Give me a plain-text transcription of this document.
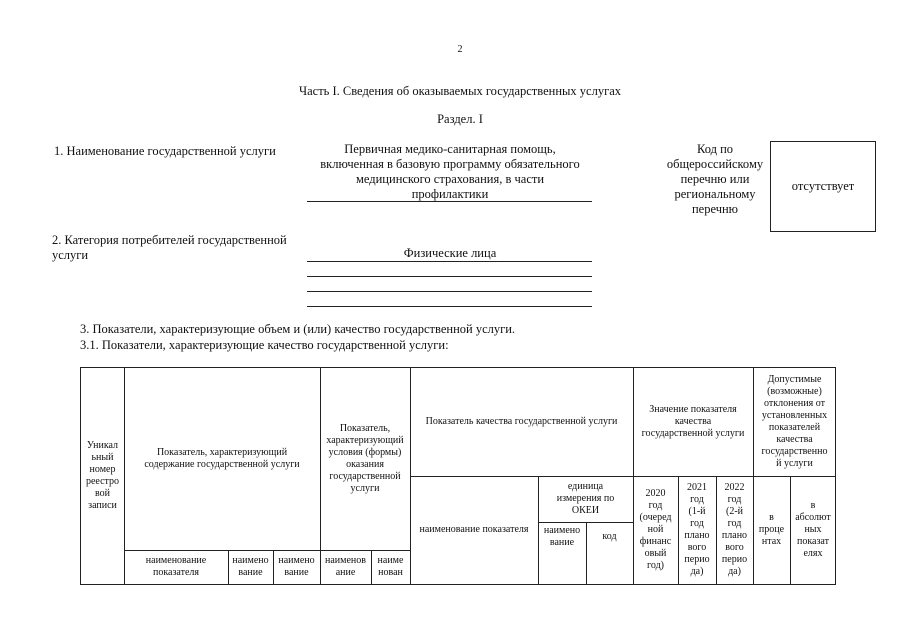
2
Часть I. Сведения об оказываемых государственных услугах
Раздел. I
1. Наименование государственной услуги	Первичная медико-санитарная помощь,
включенная в базовую программу обязательного
медицинского страхования, в части
профилактики
Код по
общероссийскому
перечню или
региональному
перечню
отсутствует
2. Категория потребителей государственной
услуги	Физические лица
3. Показатели, характеризующие объем и (или) качество государственной услуги.
3.1. Показатели, характеризующие качество государственной услуги:
Уникал
ьный
номер
реестро
вой
записи
Показатель, характеризующий
содержание государственной услуги
Показатель,
характеризующий
условия (формы)
оказания
государственной
услуги
Показатель качества государственной услуги
Значение показателя
качества
государственной услуги
Допустимые
(возможные)
отклонения от
установленных
показателей
качества
государственно
й услуги
наименование показателя
единица
измерения по
ОКЕИ
наимено
вание
код
2020
год
(очеред
ной
финанс
овый
год)
2021
год
(1-й
год
плано
вого
перио
да)
2022
год
(2-й
год
плано
вого
перио
да)
в
проце
нтах
в
абсолют
ных
показат
елях
наименование
показателя
наимено
вание
наимено
вание
наименов
ание
наиме
нован
